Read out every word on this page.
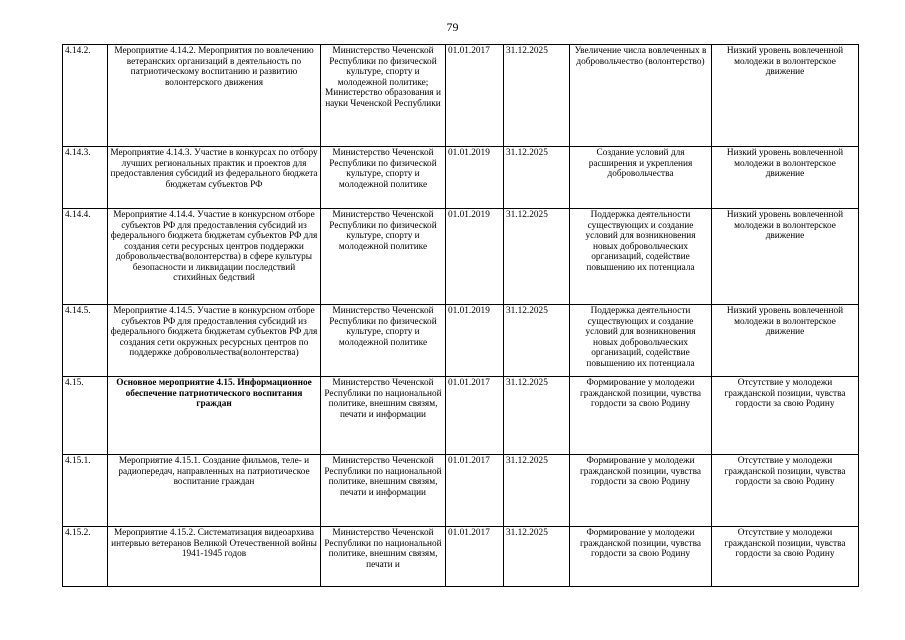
79
4.14.2.	Мероприятие 4.14.2. Мероприятия по вовлечению ветеранских организаций в деятельность по патриотическому воспитанию и развитию волонтерского движения	Министерство Чеченской Республики по физической культуре, спорту и молодежной политике; Министерство образования и науки Чеченской Республики	01.01.2017	31.12.2025	Увеличение числа вовлеченных в добровольчество (волонтерство)	Низкий уровень вовлеченной молодежи в волонтерское движение
4.14.3.	Мероприятие 4.14.3. Участие в конкурсах по отбору лучших региональных практик и проектов для предоставления субсидий из федерального бюджета бюджетам субъектов РФ	Министерство Чеченской Республики по физической культуре, спорту и молодежной политике	01.01.2019	31.12.2025	Создание условий для расширения и укрепления добровольчества	Низкий уровень вовлеченной молодежи в волонтерское движение
4.14.4.	Мероприятие 4.14.4. Участие в конкурсном отборе субъектов РФ для предоставления субсидий из федерального бюджета бюджетам субъектов РФ для создания сети ресурсных центров поддержки добровольчества(волонтерства) в сфере культуры безопасности и ликвидации последствий стихийных бедствий	Министерство Чеченской Республики по физической культуре, спорту и молодежной политике	01.01.2019	31.12.2025	Поддержка деятельности существующих и создание условий для возникновения новых добровольческих организаций, содействие повышению их потенциала	Низкий уровень вовлеченной молодежи в волонтерское движение
4.14.5.	Мероприятие 4.14.5. Участие в конкурсном отборе субъектов РФ для предоставления субсидий из федерального бюджета бюджетам субъектов РФ для создания сети окружных ресурсных центров по поддержке добровольчества(волонтерства)	Министерство Чеченской Республики по физической культуре, спорту и молодежной политике	01.01.2019	31.12.2025	Поддержка деятельности существующих и создание условий для возникновения новых добровольческих организаций, содействие повышению их потенциала	Низкий уровень вовлеченной молодежи в волонтерское движение
4.15.	Основное мероприятие 4.15. Информационное обеспечение патриотического воспитания граждан	Министерство Чеченской Республики по национальной политике, внешним связям, печати и информации	01.01.2017	31.12.2025	Формирование у молодежи гражданской позиции, чувства гордости за свою Родину	Отсутствие у молодежи гражданской позиции, чувства гордости за свою Родину
4.15.1.	Мероприятие 4.15.1. Создание фильмов, теле- и радиопередач, направленных на патриотическое воспитание граждан	Министерство Чеченской Республики по национальной политике, внешним связям, печати и информации	01.01.2017	31.12.2025	Формирование у молодежи гражданской позиции, чувства гордости за свою Родину	Отсутствие у молодежи гражданской позиции, чувства гордости за свою Родину
4.15.2.	Мероприятие 4.15.2. Систематизация видеоархива интервью ветеранов Великой Отечественной войны 1941-1945 годов	Министерство Чеченской Республики по национальной политике, внешним связям, печати и	01.01.2017	31.12.2025	Формирование у молодежи гражданской позиции, чувства гордости за свою Родину	Отсутствие у молодежи гражданской позиции, чувства гордости за свою Родину
